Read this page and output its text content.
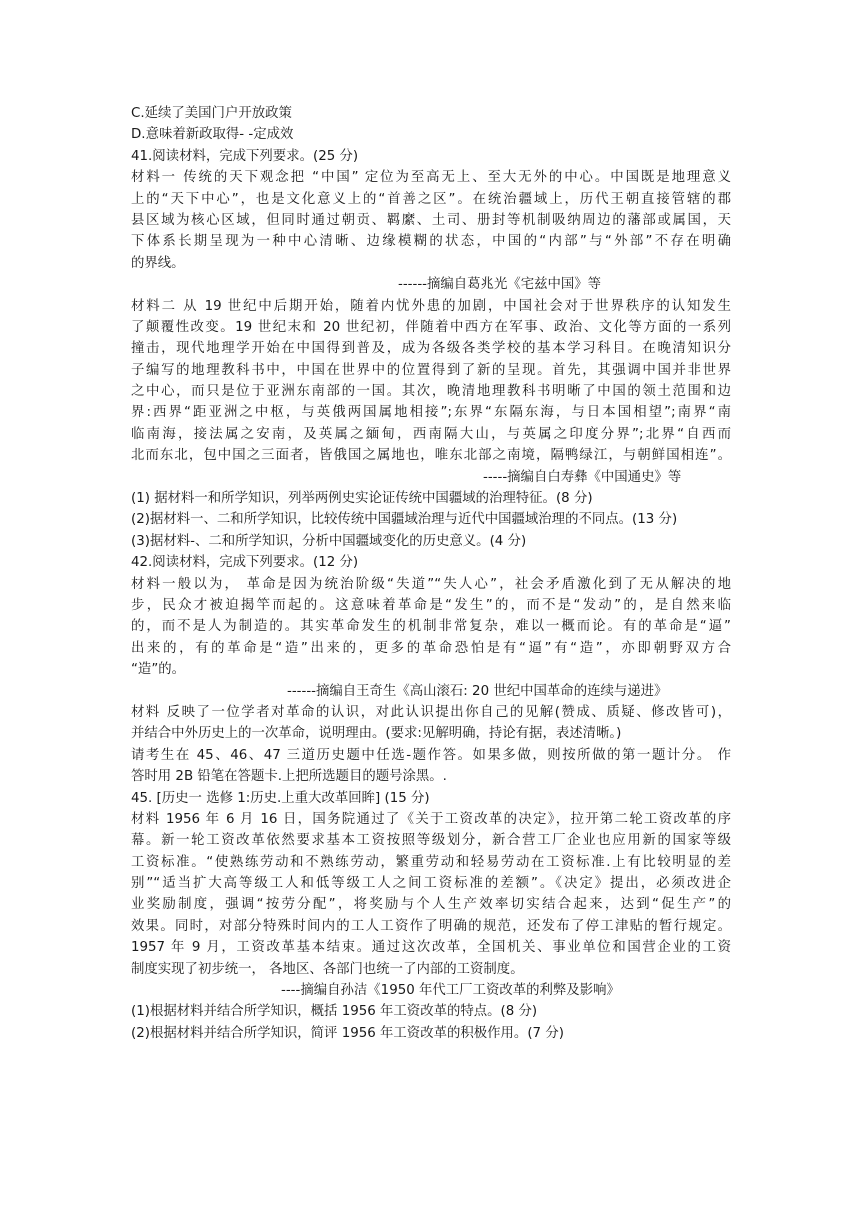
C.延续了美国门户开放政策
D.意味着新政取得- -定成效
41.阅读材料，完成下列要求。(25 分)
材料一 传统的天下观念把 “中国” 定位为至高无上、至大无外的中心。中国既是地理意义
上的“天下中心”，也是文化意义上的“首善之区”。在统治疆域上，历代王朝直接管辖的郡
县区域为核心区域，但同时通过朝贡、羁縻、土司、册封等机制吸纳周边的藩部或属国，天
下体系长期呈现为一种中心清晰、边缘模糊的状态，中国的“内部”与“外部”不存在明确
的界线。
------摘编自葛兆光《宅兹中国》等
材料二 从 19 世纪中后期开始，随着内忧外患的加剧，中国社会对于世界秩序的认知发生
了颠覆性改变。19 世纪末和 20 世纪初，伴随着中西方在军事、政治、文化等方面的一系列
撞击，现代地理学开始在中国得到普及，成为各级各类学校的基本学习科目。在晚清知识分
子编写的地理教科书中，中国在世界中的位置得到了新的呈现。首先，其强调中国并非世界
之中心，而只是位于亚洲东南部的一国。其次，晚清地理教科书明晰了中国的领土范围和边
界:西界“距亚洲之中枢，与英俄两国属地相接”;东界“东隔东海，与日本国相望”;南界“南
临南海，接法属之安南，及英属之緬甸，西南隔大山，与英属之印度分界”;北界“自西而
北而东北，包中国之三面者，皆俄国之属地也，唯东北部之南境，隔鸭绿江，与朝鲜国相连”。
-----摘编自白寿彝《中国通史》等
(1) 据材料一和所学知识，列举两例史实论证传统中国疆域的治理特征。(8 分)
(2)据材料一、二和所学知识，比较传统中国疆域治理与近代中国疆域治理的不同点。(13 分)
(3)据材料-、二和所学知识，分析中国疆域变化的历史意义。(4 分)
42.阅读材料，完成下列要求。(12 分)
材料一般以为， 革命是因为统治阶级“失道”“失人心”，社会矛盾激化到了无从解决的地
步，民众才被迫揭竿而起的。这意味着革命是“发生”的，而不是“发动”的，是自然来临
的，而不是人为制造的。其实革命发生的机制非常复杂，难以一概而论。有的革命是“逼”
出来的，有的革命是“造”出来的，更多的革命恐怕是有“逼”有“造”，亦即朝野双方合
“造”的。
------摘编自王奇生《高山滚石: 20 世纪中国革命的连续与递进》
材料 反映了一位学者对革命的认识，对此认识提出你自己的见解(赞成、质疑、修改皆可)，
并结合中外历史上的一次革命，说明理由。(要求:见解明确，持论有据，表述清晰。)
请考生在 45、46、47 三道历史题中任选-题作答。如果多做，则按所做的第一题计分。 作
答时用 2B 铅笔在答题卡.上把所选题目的题号涂黑。.
45. [历史一 选修 1:历史.上重大改革回眸] (15 分)
材料 1956 年 6 月 16 日，国务院通过了《关于工资改革的决定》，拉开第二轮工资改革的序
幕。新一轮工资改革依然要求基本工资按照等级划分，新合营工厂企业也应用新的国家等级
工资标准。“使熟练劳动和不熟练劳动，繁重劳动和轻易劳动在工资标准.上有比较明显的差
别”“适当扩大高等级工人和低等级工人之间工资标准的差额”。《决定》提出，必须改进企
业奖励制度，强调“按劳分配”，将奖励与个人生产效率切实结合起来，达到“促生产”的
效果。同时，对部分特殊时间内的工人工资作了明确的规范，还发布了停工津贴的暂行规定。
1957 年 9 月，工资改革基本结束。通过这次改革，全国机关、事业单位和国营企业的工资
制度实现了初步统一， 各地区、各部门也统一了内部的工资制度。
----摘编自孙洁《1950 年代工厂工资改革的利弊及影响》
(1)根据材料并结合所学知识，概括 1956 年工资改革的特点。(8 分)
(2)根据材料并结合所学知识，简评 1956 年工资改革的积极作用。(7 分)
